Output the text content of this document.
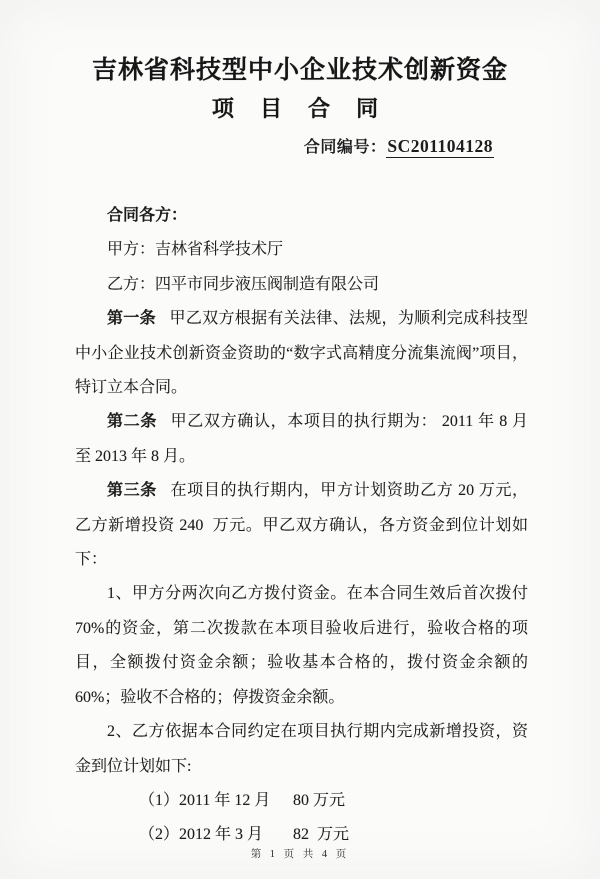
吉林省科技型中小企业技术创新资金
项 目 合 同
合同编号：SC201104128

合同各方：

甲方：吉林省科学技术厅

乙方：四平市同步液压阀制造有限公司

第一条 甲乙双方根据有关法律、法规，为顺利完成科技型中小企业技术创新资金资助的“数字式高精度分流集流阀”项目，特订立本合同。

第二条 甲乙双方确认，本项目的执行期为： 2011 年 8 月 至 2013 年 8 月。

第三条 在项目的执行期内，甲方计划资助乙方 20 万元，乙方新增投资 240  万元。甲乙双方确认，各方资金到位计划如下：

1、甲方分两次向乙方拨付资金。在本合同生效后首次拨付 70%的资金，第二次拨款在本项目验收后进行，验收合格的项目，全额拨付资金余额；验收基本合格的，拨付资金余额的 60%；验收不合格的；停拨资金余额。

2、乙方依据本合同约定在项目执行期内完成新增投资，资金到位计划如下:

（1）2011 年 12 月 80 万元

（2）2012 年 3 月 82  万元

第 1 页 共 4 页
